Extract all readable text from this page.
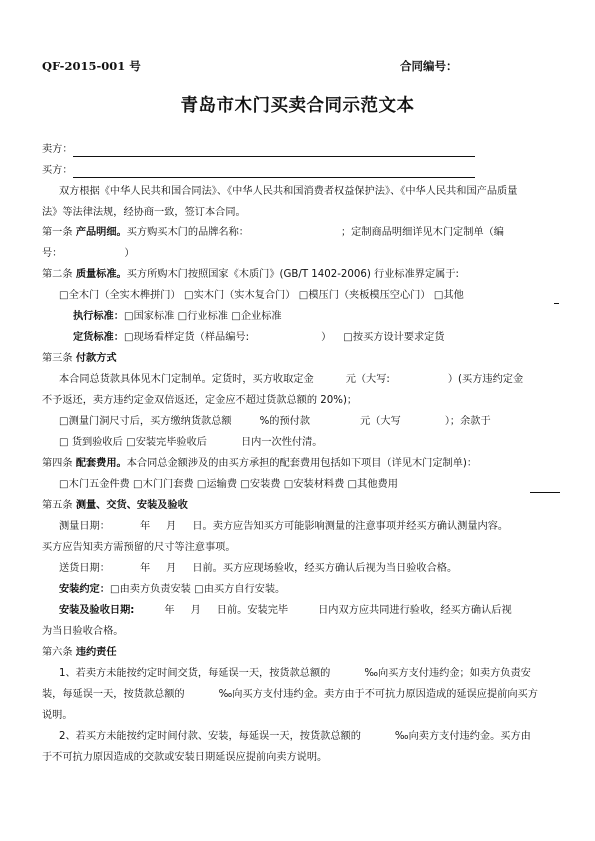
QF-2015-001 号	合同编号：
青岛市木门买卖合同示范文本
卖方：
买方：
双方根据《中华人民共和国合同法》、《中华人民共和国消费者权益保护法》、《中华人民共和国产品质量
法》等法律法规，经协商一致，签订本合同。
第一条 产品明细。买方购买木门的品牌名称：	；定制商品明细详见木门定制单（编
号：	）
第二条 质量标准。买方所购木门按照国家《木质门》(GB/T 1402-2006) 行业标准界定属于:
□全木门（全实木榫拼门） □实木门（实木复合门） □模压门（夹板模压空心门） □其他
执行标准：□国家标准 □行业标准 □企业标准
定货标准：□现场看样定货（样品编号:	） □按买方设计要求定货
第三条 付款方式
本合同总货款具体见木门定制单。定货时，买方收取定金	元（大写:	）(买方违约定金
不予返还，卖方违约定金双倍返还，定金应不超过货款总额的 20%)；
□测量门洞尺寸后，买方缴纳货款总额	%的预付款	元（大写	）；余款于
□ 货到验收后 □安装完毕验收后	日内一次性付清。
第四条 配套费用。本合同总金额涉及的由买方承担的配套费用包括如下项目（详见木门定制单)：
□木门五金件费 □木门门套费 □运输费 □安装费 □安装材料费 □其他费用
第五条 测量、交货、安装及验收
测量日期：	年 月 日。卖方应告知买方可能影响测量的注意事项并经买方确认测量内容。
买方应告知卖方需预留的尺寸等注意事项。
送货日期：	年 月 日前。买方应现场验收，经买方确认后视为当日验收合格。
安装约定：□由卖方负责安装 □由买方自行安装。
安装及验收日期:	年 月 日前。安装完毕	日内双方应共同进行验收，经买方确认后视
为当日验收合格。
第六条 违约责任
1、若卖方未能按约定时间交货，每延误一天，按货款总额的	‰向买方支付违约金；如卖方负责安
装，每延误一天，按货款总额的	‰向买方支付违约金。卖方由于不可抗力原因造成的延误应提前向买方
说明。
2、若买方未能按约定时间付款、安装，每延误一天，按货款总额的	‰向卖方支付违约金。买方由
于不可抗力原因造成的交款或安装日期延误应提前向卖方说明。
